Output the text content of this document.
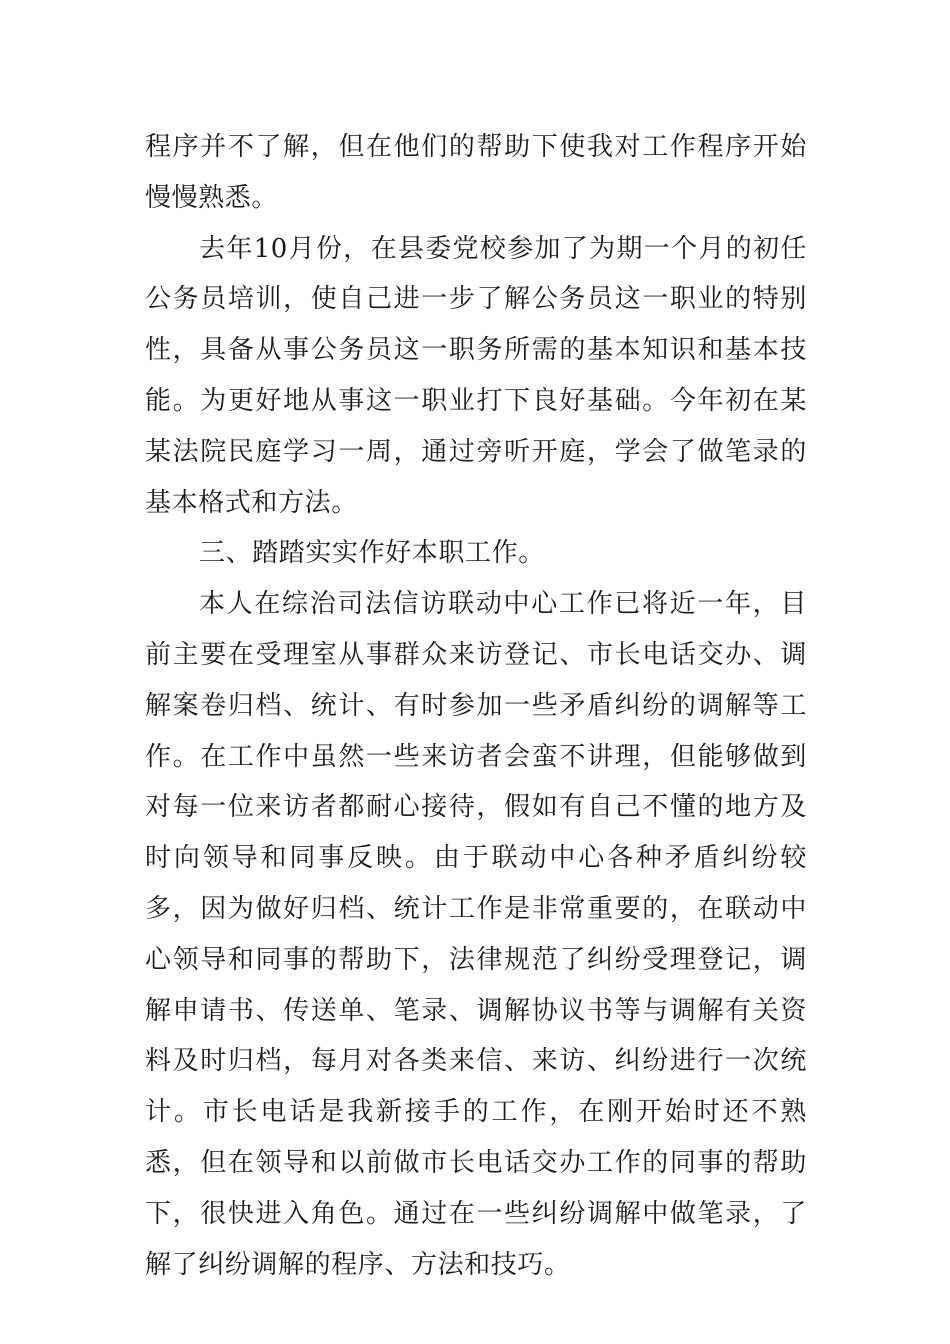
程序并不了解，但在他们的帮助下使我对工作程序开始慢慢熟悉。

去年10月份，在县委党校参加了为期一个月的初任公务员培训，使自己进一步了解公务员这一职业的特别性，具备从事公务员这一职务所需的基本知识和基本技能。为更好地从事这一职业打下良好基础。今年初在某某法院民庭学习一周，通过旁听开庭，学会了做笔录的基本格式和方法。

三、踏踏实实作好本职工作。

本人在综治司法信访联动中心工作已将近一年，目前主要在受理室从事群众来访登记、市长电话交办、调解案卷归档、统计、有时参加一些矛盾纠纷的调解等工作。在工作中虽然一些来访者会蛮不讲理，但能够做到对每一位来访者都耐心接待，假如有自己不懂的地方及时向领导和同事反映。由于联动中心各种矛盾纠纷较多，因为做好归档、统计工作是非常重要的，在联动中心领导和同事的帮助下，法律规范了纠纷受理登记，调解申请书、传送单、笔录、调解协议书等与调解有关资料及时归档，每月对各类来信、来访、纠纷进行一次统计。市长电话是我新接手的工作，在刚开始时还不熟悉，但在领导和以前做市长电话交办工作的同事的帮助下，很快进入角色。通过在一些纠纷调解中做笔录，了解了纠纷调解的程序、方法和技巧。
